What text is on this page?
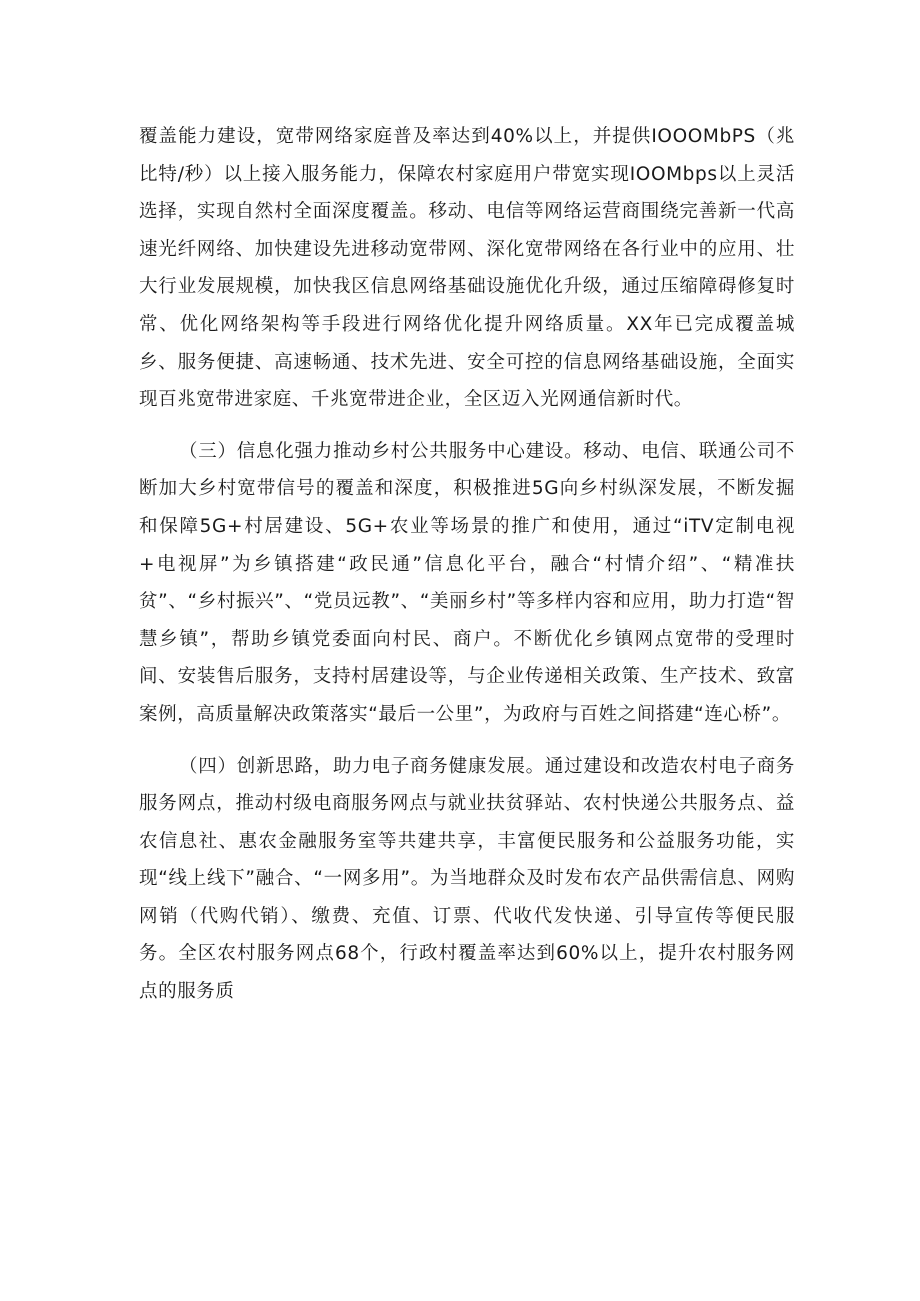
覆盖能力建设，宽带网络家庭普及率达到40%以上，并提供IOOOMbPS（兆比特/秒）以上接入服务能力，保障农村家庭用户带宽实现IOOMbps以上灵活选择，实现自然村全面深度覆盖。移动、电信等网络运营商围绕完善新一代高速光纤网络、加快建设先进移动宽带网、深化宽带网络在各行业中的应用、壮大行业发展规模，加快我区信息网络基础设施优化升级，通过压缩障碍修复时常、优化网络架构等手段进行网络优化提升网络质量。XX年已完成覆盖城乡、服务便捷、高速畅通、技术先进、安全可控的信息网络基础设施，全面实现百兆宽带进家庭、千兆宽带进企业，全区迈入光网通信新时代。

（三）信息化强力推动乡村公共服务中心建设。移动、电信、联通公司不断加大乡村宽带信号的覆盖和深度，积极推进5G向乡村纵深发展，不断发掘和保障5G+村居建设、5G+农业等场景的推广和使用，通过“iTV定制电视+电视屏”为乡镇搭建“政民通”信息化平台，融合“村情介绍”、“精准扶贫”、“乡村振兴”、“党员远教”、“美丽乡村”等多样内容和应用，助力打造“智慧乡镇”，帮助乡镇党委面向村民、商户。不断优化乡镇网点宽带的受理时间、安装售后服务，支持村居建设等，与企业传递相关政策、生产技术、致富案例，高质量解决政策落实“最后一公里”，为政府与百姓之间搭建“连心桥”。

（四）创新思路，助力电子商务健康发展。通过建设和改造农村电子商务服务网点，推动村级电商服务网点与就业扶贫驿站、农村快递公共服务点、益农信息社、惠农金融服务室等共建共享，丰富便民服务和公益服务功能，实现“线上线下”融合、“一网多用”。为当地群众及时发布农产品供需信息、网购网销（代购代销）、缴费、充值、订票、代收代发快递、引导宣传等便民服务。全区农村服务网点68个，行政村覆盖率达到60%以上，提升农村服务网点的服务质
